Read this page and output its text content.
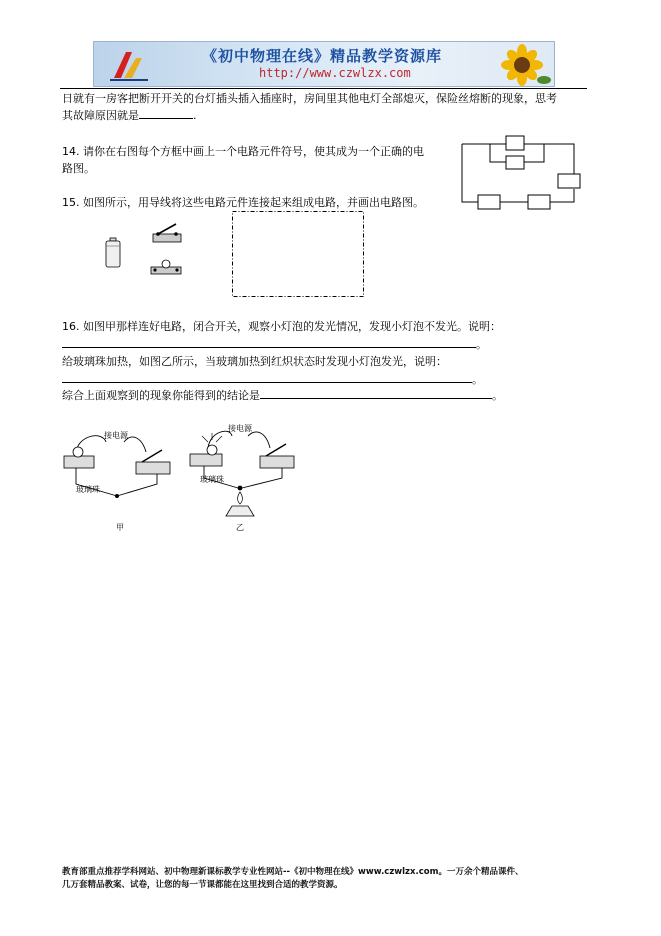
《初中物理在线》精品教学资源库
http://www.czwlzx.com
日就有一房客把断开开关的台灯插头插入插座时，房间里其他电灯全部熄灭，保险丝熔断的现象，思考
其故障原因就是	.
14. 请你在右图每个方框中画上一个电路元件符号，使其成为一个正确的电
路图。
15. 如图所示，用导线将这些电路元件连接起来组成电路，并画出电路图。
16. 如图甲那样连好电路，闭合开关，观察小灯泡的发光情况，发现小灯泡不发光。说明：
。
给玻璃珠加热，如图乙所示，当玻璃加热到红炽状态时发现小灯泡发光，说明：
。
综合上面观察到的现象你能得到的结论是	。
接电源
玻璃珠
甲
接电源
玻璃珠
乙
教育部重点推荐学科网站、初中物理新课标教学专业性网站--《初中物理在线》www.czwlzx.com。一万余个精品课件、
几万套精品教案、试卷，让您的每一节课都能在这里找到合适的教学资源。
